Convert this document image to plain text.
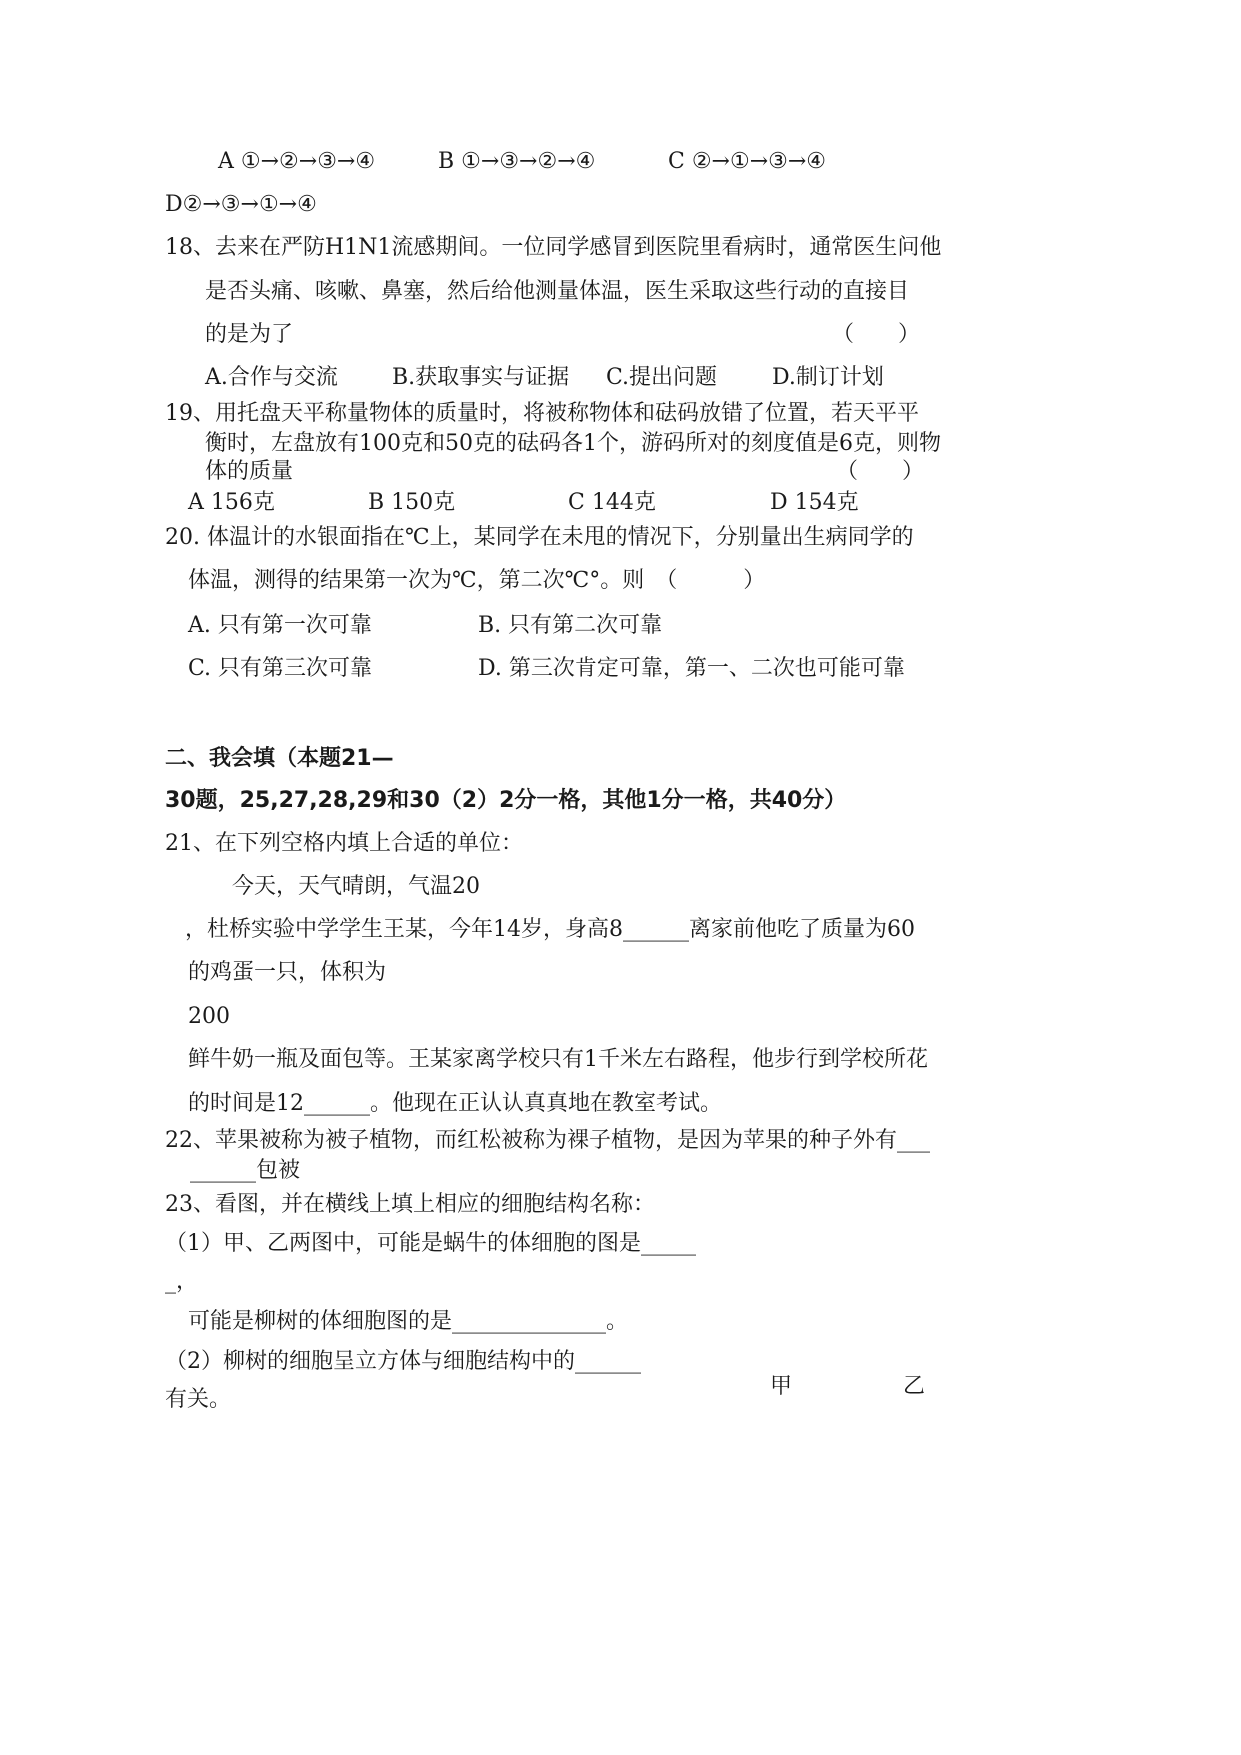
A ①→②→③→④	B ①→③→②→④	C ②→①→③→④
D②→③→①→④
18、去来在严防H1N1流感期间。一位同学感冒到医院里看病时，通常医生问他
是否头痛、咳嗽、鼻塞，然后给他测量体温，医生采取这些行动的直接目
的是为了	（　　）
A.合作与交流 B.获取事实与证据 C.提出问题 D.制订计划
19、用托盘天平称量物体的质量时，将被称物体和砝码放错了位置，若天平平
衡时，左盘放有100克和50克的砝码各1个，游码所对的刻度值是6克，则物
体的质量	（　　）
A 156克	B 150克	C 144克	D 154克
20. 体温计的水银面指在℃上，某同学在未甩的情况下，分别量出生病同学的
体温，测得的结果第一次为℃，第二次℃°。则　（　　　）
A. 只有第一次可靠	B. 只有第二次可靠
C. 只有第三次可靠	D. 第三次肯定可靠，第一、二次也可能可靠
二、我会填（本题21—
30题，25,27,28,29和30（2）2分一格，其他1分一格，共40分）
21、在下列空格内填上合适的单位：
今天，天气晴朗，气温20
，杜桥实验中学学生王某，今年14岁，身高8______离家前他吃了质量为60
的鸡蛋一只，体积为
200
鲜牛奶一瓶及面包等。王某家离学校只有1千米左右路程，他步行到学校所花
的时间是12______。他现在正认认真真地在教室考试。
22、苹果被称为被子植物，而红松被称为裸子植物，是因为苹果的种子外有___
______包被
23、看图，并在横线上填上相应的细胞结构名称：
（1）甲、乙两图中，可能是蜗牛的体细胞的图是_____
_，
可能是柳树的体细胞图的是______________。
（2）柳树的细胞呈立方体与细胞结构中的______
有关。
甲	乙
